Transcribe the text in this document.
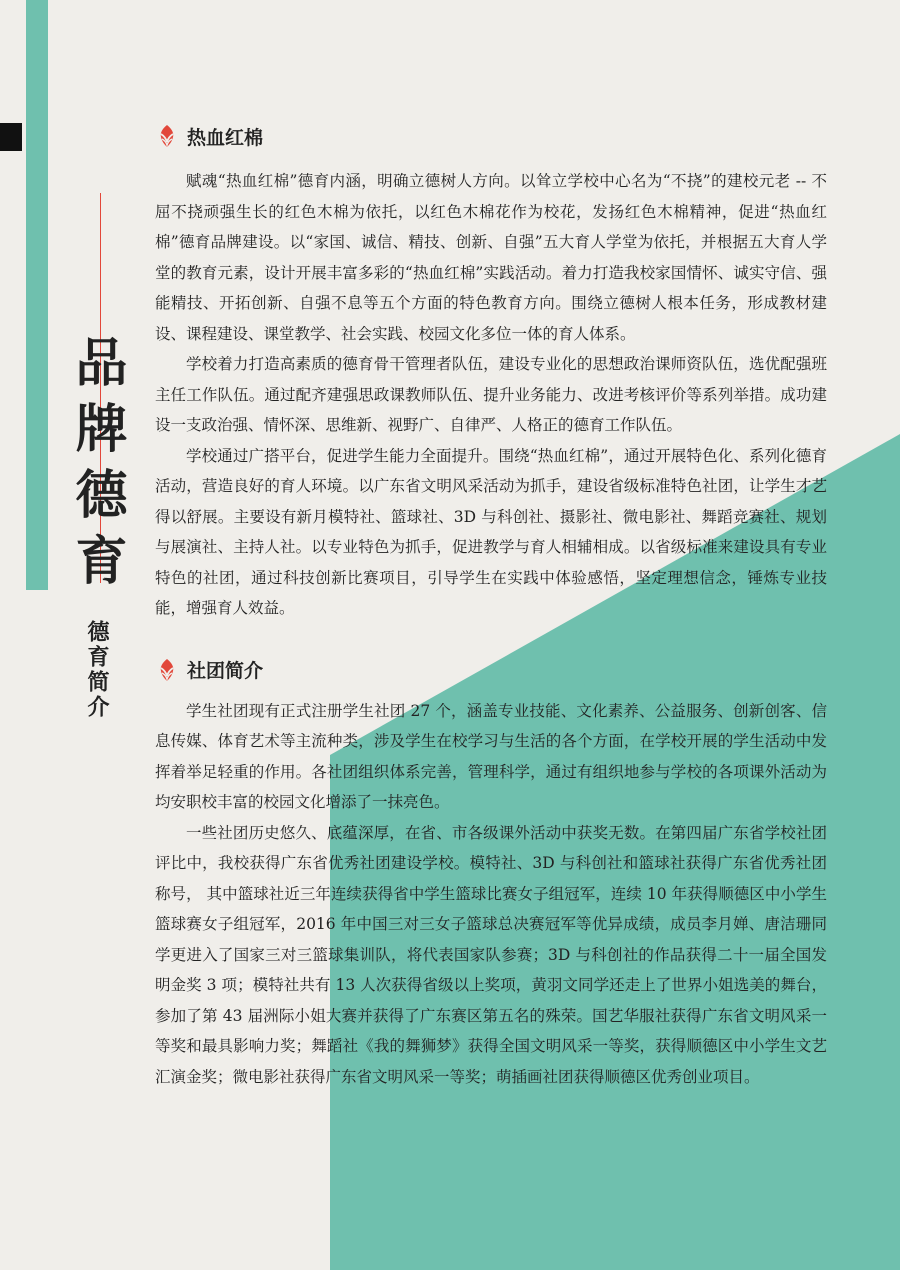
品牌德育
德育简介
热血红棉

赋魂“热血红棉”德育内涵，明确立德树人方向。以耸立学校中心名为“不挠”的建校元老 -- 不屈不挠顽强生长的红色木棉为依托，以红色木棉花作为校花，发扬红色木棉精神，促进“热血红棉”德育品牌建设。以“家国、诚信、精技、创新、自强”五大育人学堂为依托，并根据五大育人学堂的教育元素，设计开展丰富多彩的“热血红棉”实践活动。着力打造我校家国情怀、诚实守信、强能精技、开拓创新、自强不息等五个方面的特色教育方向。围绕立德树人根本任务，形成教材建设、课程建设、课堂教学、社会实践、校园文化多位一体的育人体系。

学校着力打造高素质的德育骨干管理者队伍，建设专业化的思想政治课师资队伍，选优配强班主任工作队伍。通过配齐建强思政课教师队伍、提升业务能力、改进考核评价等系列举措。成功建设一支政治强、情怀深、思维新、视野广、自律严、人格正的德育工作队伍。

学校通过广搭平台，促进学生能力全面提升。围绕“热血红棉”，通过开展特色化、系列化德育活动，营造良好的育人环境。以广东省文明风采活动为抓手，建设省级标准特色社团，让学生才艺得以舒展。主要设有新月模特社、篮球社、3D 与科创社、摄影社、微电影社、舞蹈竞赛社、规划与展演社、主持人社。以专业特色为抓手，促进教学与育人相辅相成。以省级标准来建设具有专业特色的社团，通过科技创新比赛项目，引导学生在实践中体验感悟，坚定理想信念，锤炼专业技能，增强育人效益。

社团简介

学生社团现有正式注册学生社团 27 个，涵盖专业技能、文化素养、公益服务、创新创客、信息传媒、体育艺术等主流种类，涉及学生在校学习与生活的各个方面，在学校开展的学生活动中发挥着举足轻重的作用。各社团组织体系完善，管理科学，通过有组织地参与学校的各项课外活动为均安职校丰富的校园文化增添了一抹亮色。

一些社团历史悠久、底蕴深厚，在省、市各级课外活动中获奖无数。在第四届广东省学校社团评比中，我校获得广东省优秀社团建设学校。模特社、3D 与科创社和篮球社获得广东省优秀社团称号， 其中篮球社近三年连续获得省中学生篮球比赛女子组冠军，连续 10 年获得顺德区中小学生篮球赛女子组冠军，2016 年中国三对三女子篮球总决赛冠军等优异成绩，成员李月婵、唐洁珊同学更进入了国家三对三篮球集训队，将代表国家队参赛；3D 与科创社的作品获得二十一届全国发明金奖 3 项；模特社共有 13 人次获得省级以上奖项，黄羽文同学还走上了世界小姐选美的舞台，参加了第 43 届洲际小姐大赛并获得了广东赛区第五名的殊荣。国艺华服社获得广东省文明风采一等奖和最具影响力奖；舞蹈社《我的舞狮梦》获得全国文明风采一等奖，获得顺德区中小学生文艺汇演金奖；微电影社获得广东省文明风采一等奖；萌插画社团获得顺德区优秀创业项目。
